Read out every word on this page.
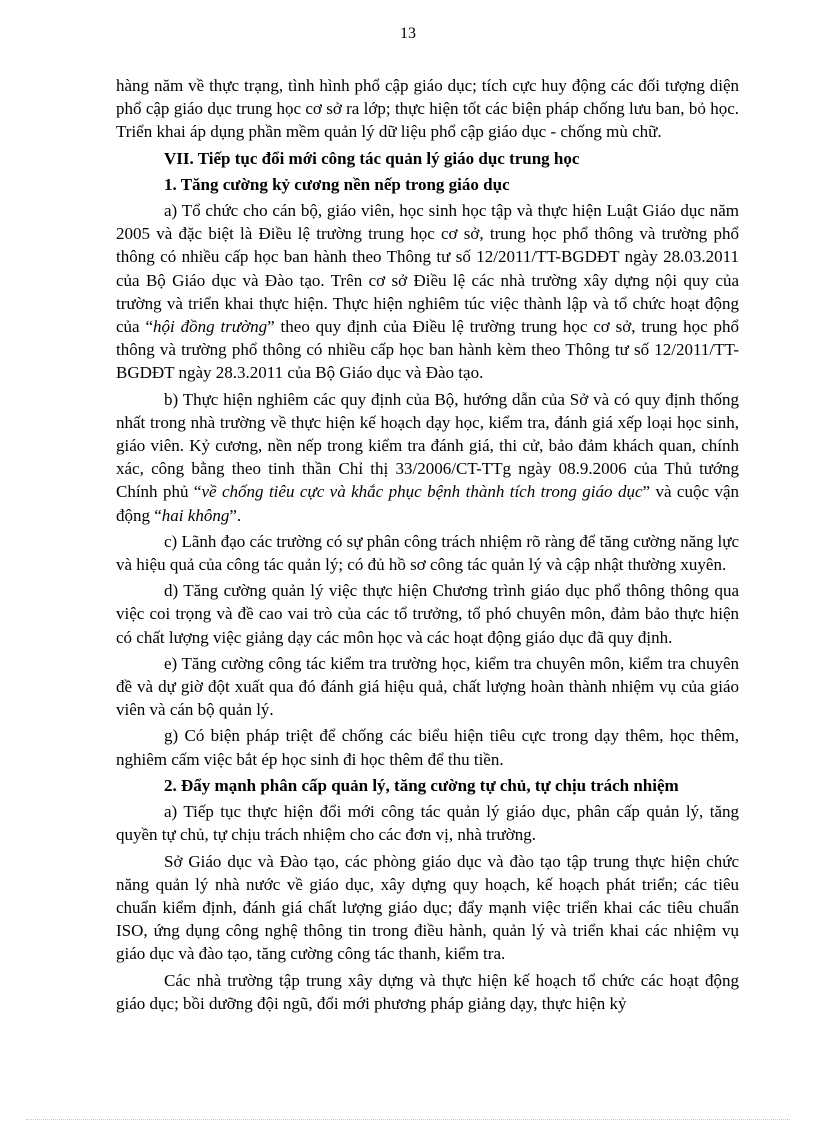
13

hàng năm về thực trạng, tình hình phổ cập giáo dục; tích cực huy động các đối tượng diện phổ cập giáo dục trung học cơ sở ra lớp; thực hiện tốt các biện pháp chống lưu ban, bỏ học. Triển khai áp dụng phần mềm quản lý dữ liệu phổ cập giáo dục - chống mù chữ.

VII. Tiếp tục đổi mới công tác quản lý giáo dục trung học

1. Tăng cường kỷ cương nền nếp trong giáo dục

a) Tổ chức cho cán bộ, giáo viên, học sinh học tập và thực hiện Luật Giáo dục năm 2005 và đặc biệt là Điều lệ trường trung học cơ sở, trung học phổ thông và trường phổ thông có nhiều cấp học ban hành theo Thông tư số 12/2011/TT-BGDĐT ngày 28.03.2011 của Bộ Giáo dục và Đào tạo. Trên cơ sở Điều lệ các nhà trường xây dựng nội quy của trường và triển khai thực hiện. Thực hiện nghiêm túc việc thành lập và tổ chức hoạt động của “hội đồng trường” theo quy định của Điều lệ trường trung học cơ sở, trung học phổ thông và trường phổ thông có nhiều cấp học ban hành kèm theo Thông tư số 12/2011/TT-BGDĐT ngày 28.3.2011 của Bộ Giáo dục và Đào tạo.

b) Thực hiện nghiêm các quy định của Bộ, hướng dẫn của Sở và có quy định thống nhất trong nhà trường về thực hiện kế hoạch dạy học, kiểm tra, đánh giá xếp loại học sinh, giáo viên. Kỷ cương, nền nếp trong kiểm tra đánh giá, thi cử, bảo đảm khách quan, chính xác, công bằng theo tinh thần Chỉ thị 33/2006/CT-TTg ngày 08.9.2006 của Thủ tướng Chính phủ “về chống tiêu cực và khắc phục bệnh thành tích trong giáo dục” và cuộc vận động “hai không”.

c) Lãnh đạo các trường có sự phân công trách nhiệm rõ ràng để tăng cường năng lực và hiệu quả của công tác quản lý; có đủ hồ sơ công tác quản lý và cập nhật thường xuyên.

d) Tăng cường quản lý việc thực hiện Chương trình giáo dục phổ thông thông qua việc coi trọng và đề cao vai trò của các tổ trưởng, tổ phó chuyên môn, đảm bảo thực hiện có chất lượng việc giảng dạy các môn học và các hoạt động giáo dục đã quy định.

e) Tăng cường công tác kiểm tra trường học, kiểm tra chuyên môn, kiểm tra chuyên đề và dự giờ đột xuất qua đó đánh giá hiệu quả, chất lượng hoàn thành nhiệm vụ của giáo viên và cán bộ quản lý.

g) Có biện pháp triệt để chống các biểu hiện tiêu cực trong dạy thêm, học thêm, nghiêm cấm việc bắt ép học sinh đi học thêm để thu tiền.

2. Đẩy mạnh phân cấp quản lý, tăng cường tự chủ, tự chịu trách nhiệm

a) Tiếp tục thực hiện đổi mới công tác quản lý giáo dục, phân cấp quản lý, tăng quyền tự chủ, tự chịu trách nhiệm cho các đơn vị, nhà trường.

Sở Giáo dục và Đào tạo, các phòng giáo dục và đào tạo tập trung thực hiện chức năng quản lý nhà nước về giáo dục, xây dựng quy hoạch, kế hoạch phát triển; các tiêu chuẩn kiểm định, đánh giá chất lượng giáo dục; đẩy mạnh việc triển khai các tiêu chuẩn ISO, ứng dụng công nghệ thông tin trong điều hành, quản lý và triển khai các nhiệm vụ giáo dục và đào tạo, tăng cường công tác thanh, kiểm tra.

Các nhà trường tập trung xây dựng và thực hiện kế hoạch tổ chức các hoạt động giáo dục; bồi dưỡng đội ngũ, đổi mới phương pháp giảng dạy, thực hiện kỷ
